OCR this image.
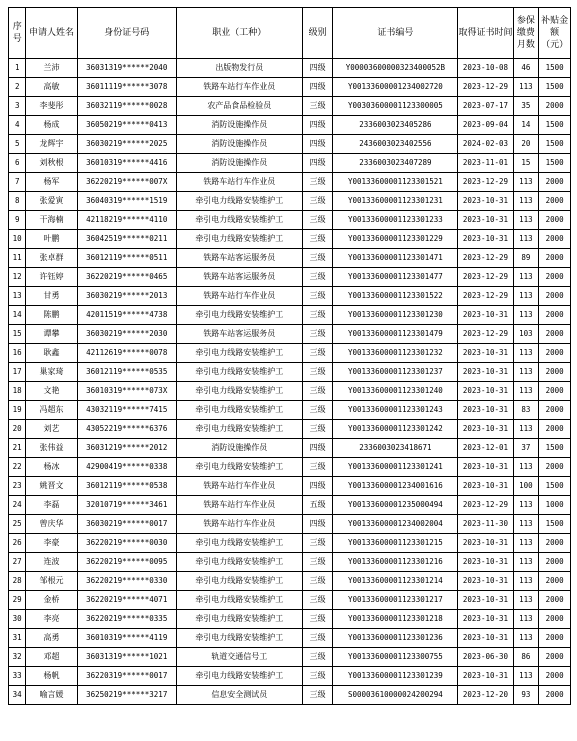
序号	申请人姓名	身份证号码	职业（工种）	级别	证书编号	取得证书时间	参保缴费月数	补贴金额（元）
1	兰沛	36031319******2040	出版物发行员	四级	Y00003600000323400052B	2023-10-08	46	1500
2	高敏	36011119******3078	铁路车站行车作业员	四级	Y00133600001234002720	2023-12-29	113	1500
3	李斐彤	36032119******0028	农产品食品检验员	三级	Y00303600001123300005	2023-07-17	35	2000
4	杨成	36050219******0413	消防设施操作员	四级	2336003023405286	2023-09-04	14	1500
5	龙辉宇	36030219******2025	消防设施操作员	四级	2436003023402556	2024-02-03	20	1500
6	刘秋根	36010319******4416	消防设施操作员	四级	2336003023407289	2023-11-01	15	1500
7	杨军	36220219******007X	铁路车站行车作业员	三级	Y00133600001123301521	2023-12-29	113	2000
8	张爱寅	36040319******1519	牵引电力线路安装维护工	三级	Y00133600001123301231	2023-10-31	113	2000
9	干海楠	42118219******4110	牵引电力线路安装维护工	三级	Y00133600001123301233	2023-10-31	113	2000
10	叶鹏	36042519******0211	牵引电力线路安装维护工	三级	Y00133600001123301229	2023-10-31	113	2000
11	张卓群	36012119******0511	铁路车站客运服务员	三级	Y00133600001123301471	2023-12-29	89	2000
12	许钰婷	36220219******0465	铁路车站客运服务员	三级	Y00133600001123301477	2023-12-29	113	2000
13	甘勇	36030219******2013	铁路车站行车作业员	三级	Y00133600001123301522	2023-12-29	113	2000
14	陈鹏	42011519******4738	牵引电力线路安装维护工	三级	Y00133600001123301230	2023-10-31	113	2000
15	谭攀	36030219******2030	铁路车站客运服务员	三级	Y00133600001123301479	2023-12-29	103	2000
16	耿鑫	42112619******0078	牵引电力线路安装维护工	三级	Y00133600001123301232	2023-10-31	113	2000
17	巢家琦	36012119******0535	牵引电力线路安装维护工	三级	Y00133600001123301237	2023-10-31	113	2000
18	文艳	36010319******073X	牵引电力线路安装维护工	三级	Y00133600001123301240	2023-10-31	113	2000
19	冯超东	43032119******7415	牵引电力线路安装维护工	三级	Y00133600001123301243	2023-10-31	83	2000
20	刘艺	43052219******6376	牵引电力线路安装维护工	三级	Y00133600001123301242	2023-10-31	113	2000
21	张伟益	36031219******2012	消防设施操作员	四级	2336003023418671	2023-12-01	37	1500
22	杨冰	42900419******0338	牵引电力线路安装维护工	三级	Y00133600001123301241	2023-10-31	113	2000
23	姚晋文	36012119******0538	铁路车站行车作业员	四级	Y00133600001234001616	2023-10-31	100	1500
24	李磊	32010719******3461	铁路车站行车作业员	五级	Y00133600001235000494	2023-12-29	113	1000
25	曾庆华	36030219******0017	铁路车站行车作业员	四级	Y00133600001234002004	2023-11-30	113	1500
26	李豪	36220219******0030	牵引电力线路安装维护工	三级	Y00133600001123301215	2023-10-31	113	2000
27	连波	36220219******0095	牵引电力线路安装维护工	三级	Y00133600001123301216	2023-10-31	113	2000
28	邹根元	36220219******0330	牵引电力线路安装维护工	三级	Y00133600001123301214	2023-10-31	113	2000
29	金桥	36220219******4071	牵引电力线路安装维护工	三级	Y00133600001123301217	2023-10-31	113	2000
30	李亮	36220219******0335	牵引电力线路安装维护工	三级	Y00133600001123301218	2023-10-31	113	2000
31	高勇	36010319******4119	牵引电力线路安装维护工	三级	Y00133600001123301236	2023-10-31	113	2000
32	邓超	36031319******1021	轨道交通信号工	三级	Y00133600001123300755	2023-06-30	86	2000
33	杨帆	36220319******0017	牵引电力线路安装维护工	三级	Y00133600001123301239	2023-10-31	113	2000
34	喻言媛	36250219******3217	信息安全测试员	三级	S00003610000024200294	2023-12-20	93	2000
